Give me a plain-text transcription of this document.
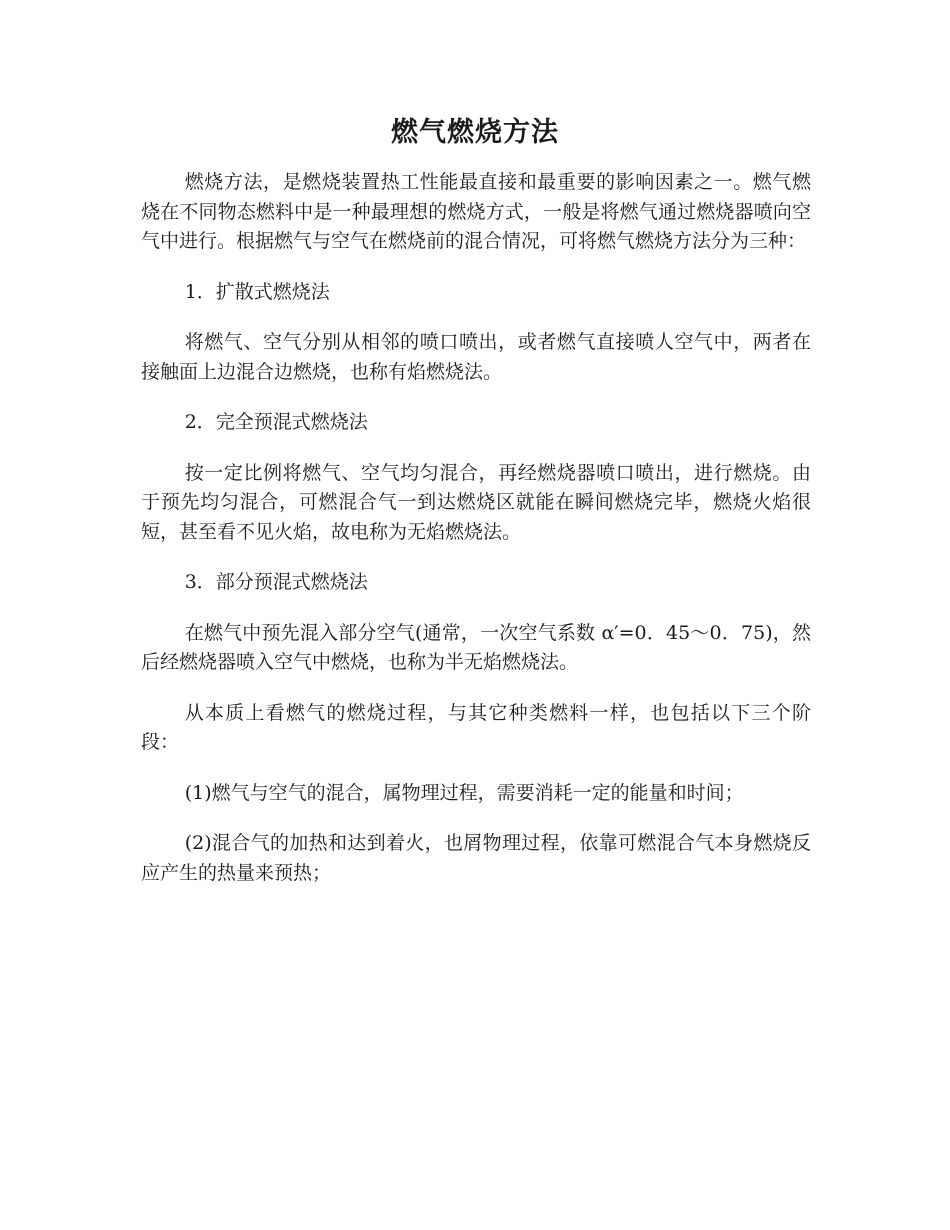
燃气燃烧方法

燃烧方法，是燃烧装置热工性能最直接和最重要的影响因素之一。燃气燃烧在不同物态燃料中是一种最理想的燃烧方式，一般是将燃气通过燃烧器喷向空气中进行。根据燃气与空气在燃烧前的混合情况，可将燃气燃烧方法分为三种：

1．扩散式燃烧法

将燃气、空气分别从相邻的喷口喷出，或者燃气直接喷人空气中，两者在接触面上边混合边燃烧，也称有焰燃烧法。

2．完全预混式燃烧法

按一定比例将燃气、空气均匀混合，再经燃烧器喷口喷出，进行燃烧。由于预先均匀混合，可燃混合气一到达燃烧区就能在瞬间燃烧完毕，燃烧火焰很短，甚至看不见火焰，故电称为无焰燃烧法。

3．部分预混式燃烧法

在燃气中预先混入部分空气(通常，一次空气系数 α′=0．45～0．75)，然后经燃烧器喷入空气中燃烧，也称为半无焰燃烧法。

从本质上看燃气的燃烧过程，与其它种类燃料一样，也包括以下三个阶段：

(1)燃气与空气的混合，属物理过程，需要消耗一定的能量和时间；

(2)混合气的加热和达到着火，也屑物理过程，依靠可燃混合气本身燃烧反应产生的热量来预热；
